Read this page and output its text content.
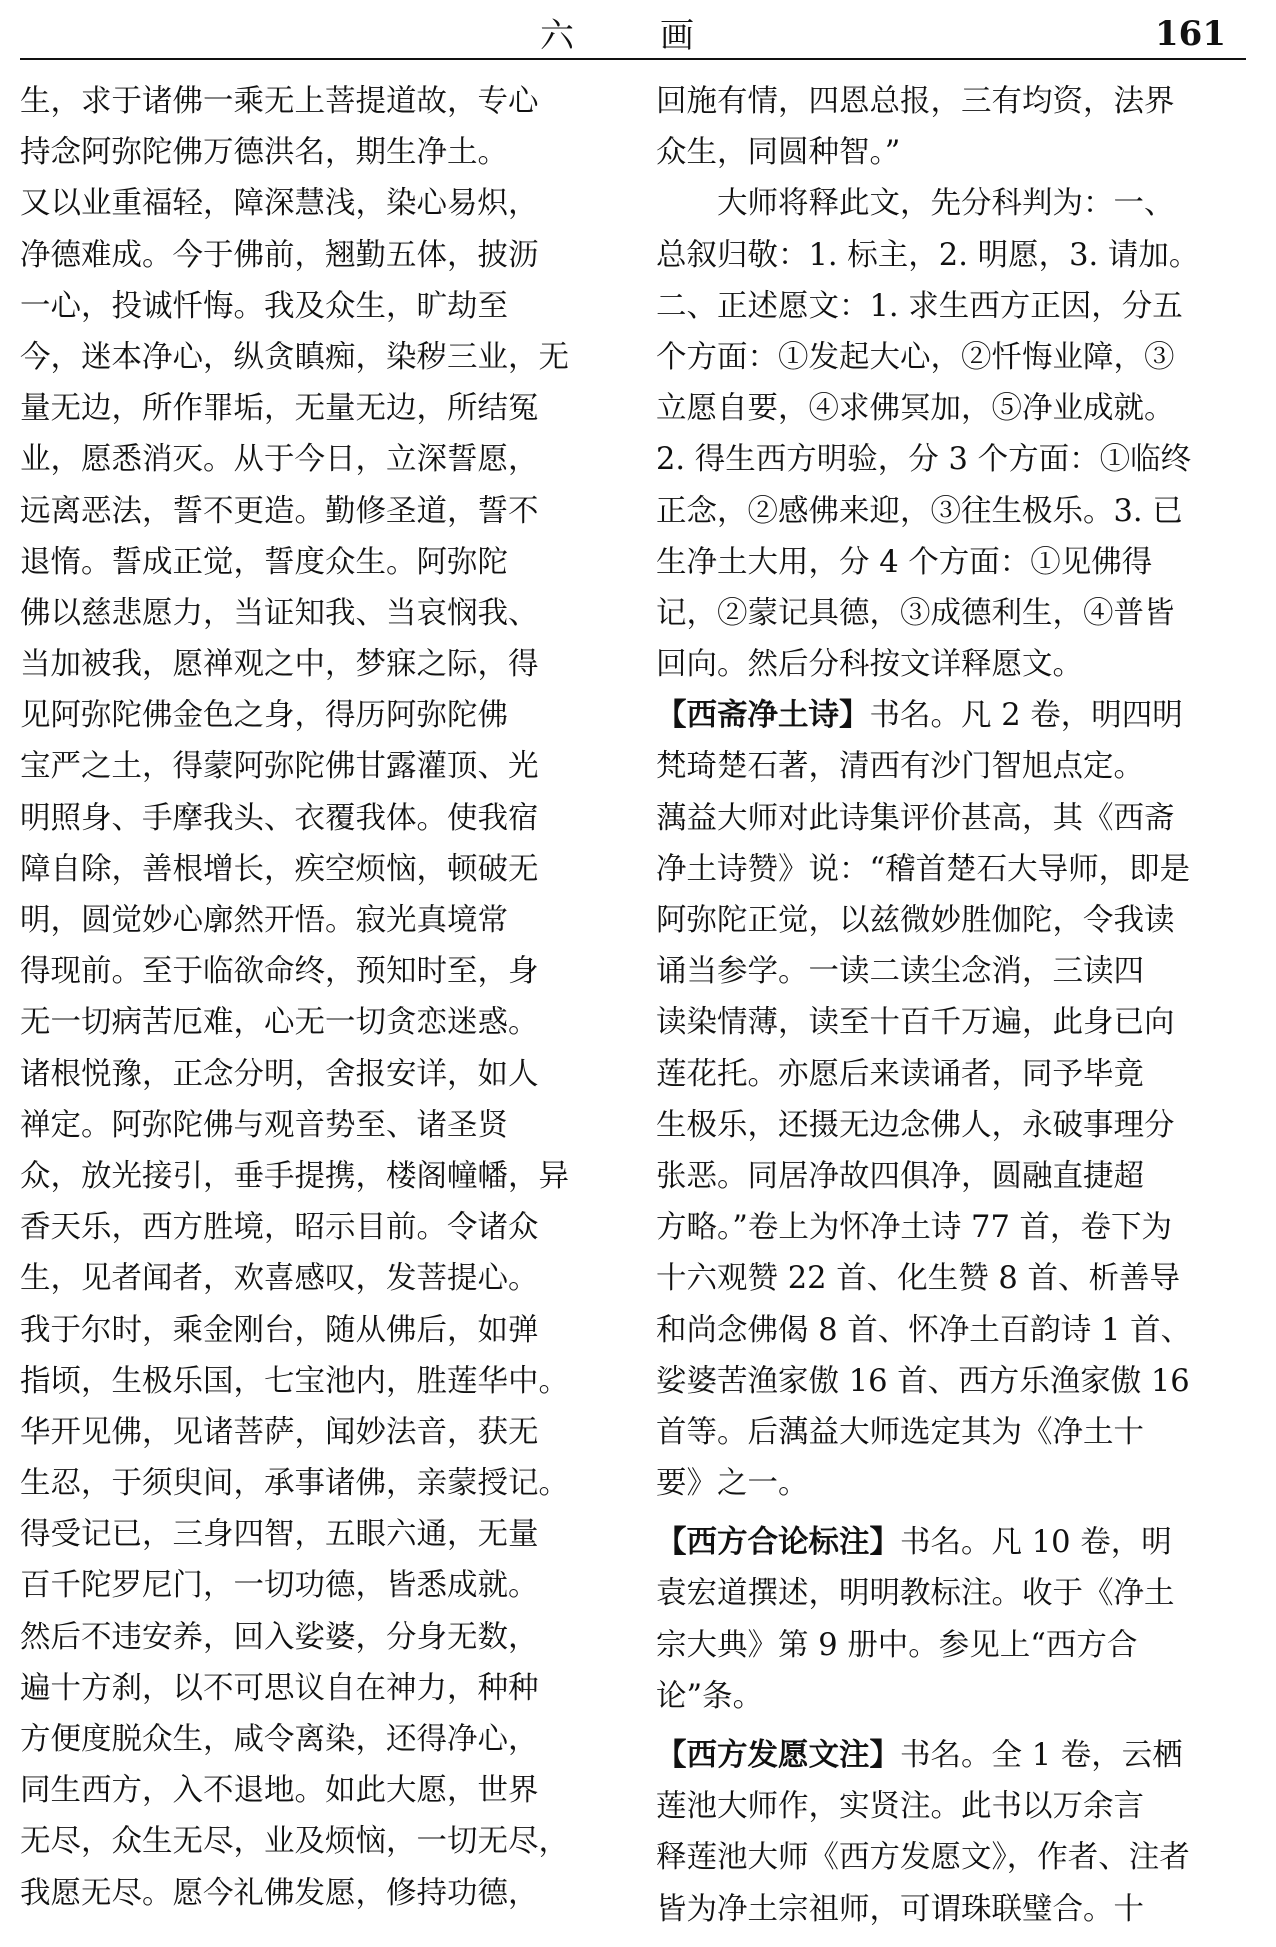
六　画	161
生，求于诸佛一乘无上菩提道故，专心
持念阿弥陀佛万德洪名，期生净土。
又以业重福轻，障深慧浅，染心易炽，
净德难成。今于佛前，翘勤五体，披沥
一心，投诚忏悔。我及众生，旷劫至
今，迷本净心，纵贪瞋痴，染秽三业，无
量无边，所作罪垢，无量无边，所结冤
业，愿悉消灭。从于今日，立深誓愿，
远离恶法，誓不更造。勤修圣道，誓不
退惰。誓成正觉，誓度众生。阿弥陀
佛以慈悲愿力，当证知我、当哀悯我、
当加被我，愿禅观之中，梦寐之际，得
见阿弥陀佛金色之身，得历阿弥陀佛
宝严之土，得蒙阿弥陀佛甘露灌顶、光
明照身、手摩我头、衣覆我体。使我宿
障自除，善根增长，疾空烦恼，顿破无
明，圆觉妙心廓然开悟。寂光真境常
得现前。至于临欲命终，预知时至，身
无一切病苦厄难，心无一切贪恋迷惑。
诸根悦豫，正念分明，舍报安详，如人
禅定。阿弥陀佛与观音势至、诸圣贤
众，放光接引，垂手提携，楼阁幢幡，异
香天乐，西方胜境，昭示目前。令诸众
生，见者闻者，欢喜感叹，发菩提心。
我于尔时，乘金刚台，随从佛后，如弹
指顷，生极乐国，七宝池内，胜莲华中。
华开见佛，见诸菩萨，闻妙法音，获无
生忍，于须臾间，承事诸佛，亲蒙授记。
得受记已，三身四智，五眼六通，无量
百千陀罗尼门，一切功德，皆悉成就。
然后不违安养，回入娑婆，分身无数，
遍十方刹，以不可思议自在神力，种种
方便度脱众生，咸令离染，还得净心，
同生西方，入不退地。如此大愿，世界
无尽，众生无尽，业及烦恼，一切无尽，
我愿无尽。愿今礼佛发愿，修持功德，
回施有情，四恩总报，三有均资，法界
众生，同圆种智。”
　　大师将释此文，先分科判为：一、
总叙归敬：1. 标主，2. 明愿，3. 请加。
二、正述愿文：1. 求生西方正因，分五
个方面：①发起大心，②忏悔业障，③
立愿自要，④求佛冥加，⑤净业成就。
2. 得生西方明验，分 3 个方面：①临终
正念，②感佛来迎，③往生极乐。3. 已
生净土大用，分 4 个方面：①见佛得
记，②蒙记具德，③成德利生，④普皆
回向。然后分科按文详释愿文。
【西斋净土诗】书名。凡 2 卷，明四明
梵琦楚石著，清西有沙门智旭点定。
蕅益大师对此诗集评价甚高，其《西斋
净土诗赞》说：“稽首楚石大导师，即是
阿弥陀正觉，以兹微妙胜伽陀，令我读
诵当参学。一读二读尘念消，三读四
读染情薄，读至十百千万遍，此身已向
莲花托。亦愿后来读诵者，同予毕竟
生极乐，还摄无边念佛人，永破事理分
张恶。同居净故四俱净，圆融直捷超
方略。”卷上为怀净土诗 77 首，卷下为
十六观赞 22 首、化生赞 8 首、析善导
和尚念佛偈 8 首、怀净土百韵诗 1 首、
娑婆苦渔家傲 16 首、西方乐渔家傲 16
首等。后蕅益大师选定其为《净土十
要》之一。
【西方合论标注】书名。凡 10 卷，明
袁宏道撰述，明明教标注。收于《净土
宗大典》第 9 册中。参见上“西方合
论”条。
【西方发愿文注】书名。全 1 卷，云栖
莲池大师作，实贤注。此书以万余言
释莲池大师《西方发愿文》，作者、注者
皆为净土宗祖师，可谓珠联璧合。十
